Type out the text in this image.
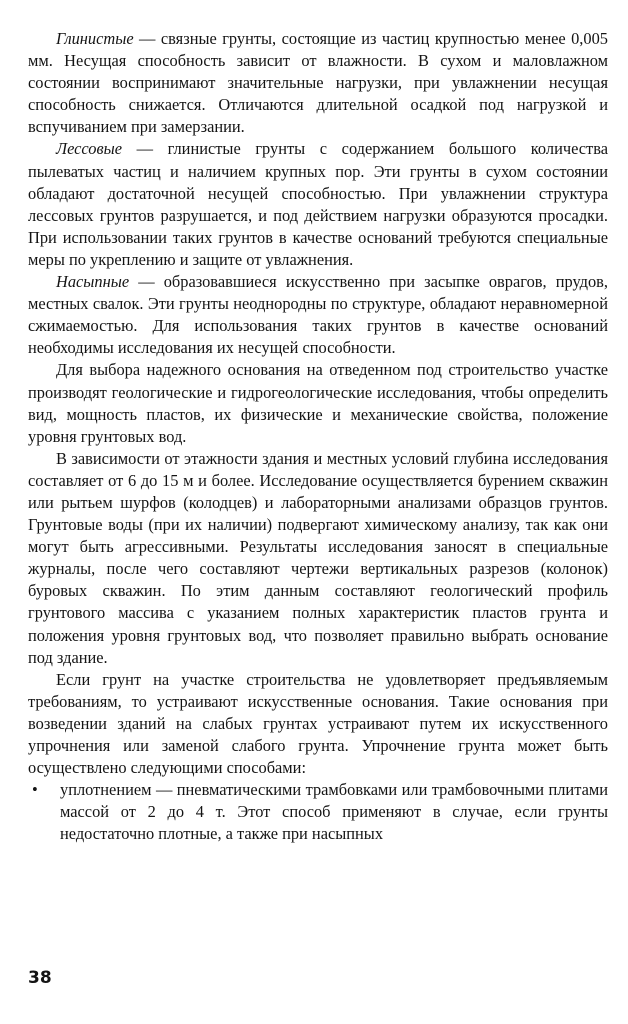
Глинистые — связные грунты, состоящие из частиц крупностью менее 0,005 мм. Несущая способность зависит от влажности. В сухом и маловлажном состоянии воспринимают значительные нагрузки, при увлажнении несущая способность снижается. Отличаются длительной осадкой под нагрузкой и вспучиванием при замерзании.

Лессовые — глинистые грунты с содержанием большого количества пылеватых частиц и наличием крупных пор. Эти грунты в сухом состоянии обладают достаточной несущей способностью. При увлажнении структура лессовых грунтов разрушается, и под действием нагрузки образуются просадки. При использовании таких грунтов в качестве оснований требуются специальные меры по укреплению и защите от увлажнения.

Насыпные — образовавшиеся искусственно при засыпке оврагов, прудов, местных свалок. Эти грунты неоднородны по структуре, обладают неравномерной сжимаемостью. Для использования таких грунтов в качестве оснований необходимы исследования их несущей способности.

Для выбора надежного основания на отведенном под строительство участке производят геологические и гидрогеологические исследования, чтобы определить вид, мощность пластов, их физические и механические свойства, положение уровня грунтовых вод.

В зависимости от этажности здания и местных условий глубина исследования составляет от 6 до 15 м и более. Исследование осуществляется бурением скважин или рытьем шурфов (колодцев) и лабораторными анализами образцов грунтов. Грунтовые воды (при их наличии) подвергают химическому анализу, так как они могут быть агрессивными. Результаты исследования заносят в специальные журналы, после чего составляют чертежи вертикальных разрезов (колонок) буровых скважин. По этим данным составляют геологический профиль грунтового массива с указанием полных характеристик пластов грунта и положения уровня грунтовых вод, что позволяет правильно выбрать основание под здание.

Если грунт на участке строительства не удовлетворяет предъявляемым требованиям, то устраивают искусственные основания. Такие основания при возведении зданий на слабых грунтах устраивают путем их искусственного упрочнения или заменой слабого грунта. Упрочнение грунта может быть осуществлено следующими способами:

• уплотнением — пневматическими трамбовками или трамбовочными плитами массой от 2 до 4 т. Этот способ применяют в случае, если грунты недостаточно плотные, а также при насыпных
38
